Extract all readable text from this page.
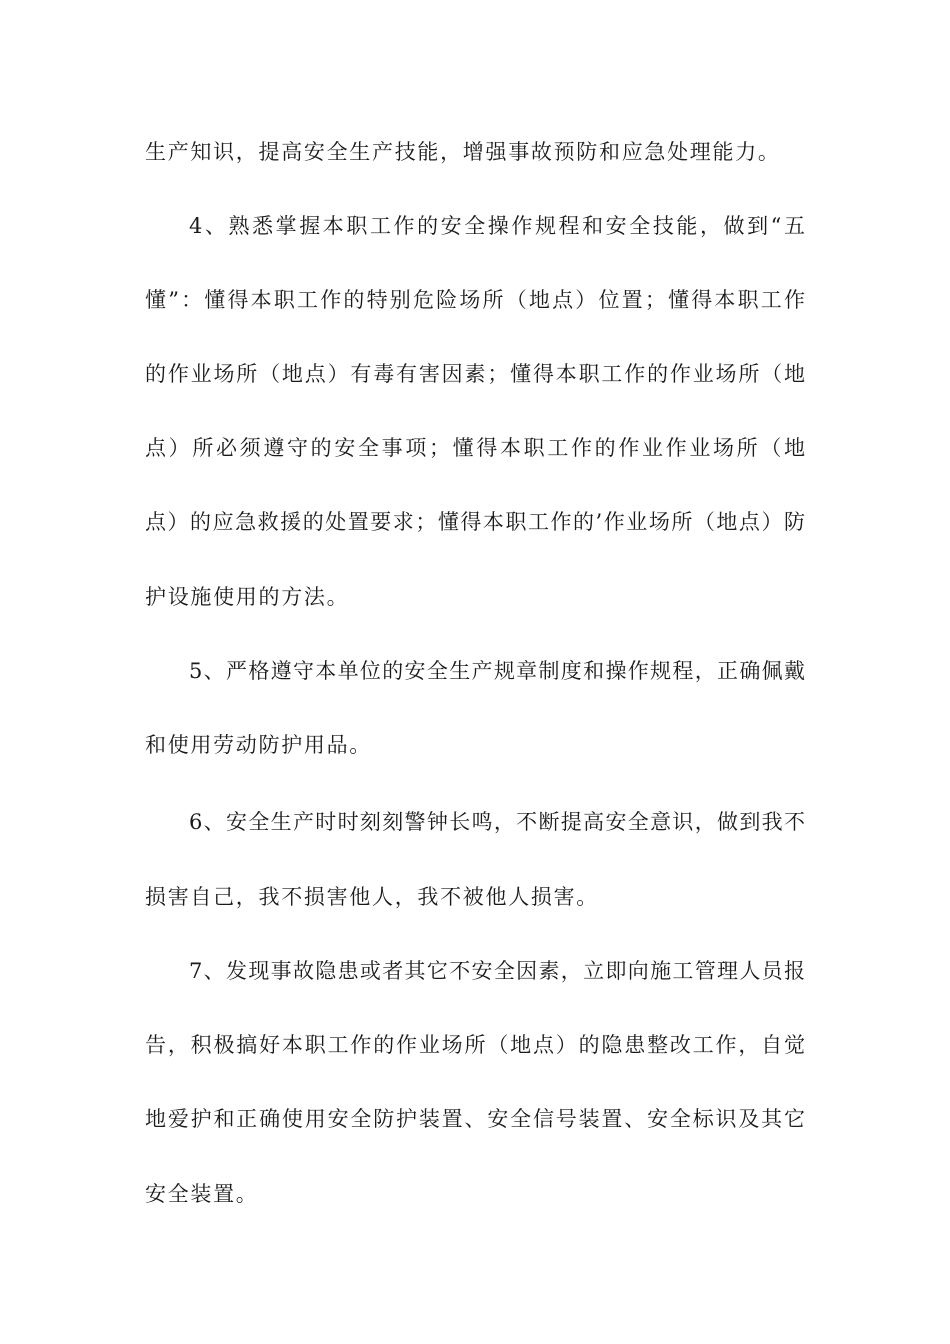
生产知识，提高安全生产技能，增强事故预防和应急处理能力。
4、熟悉掌握本职工作的安全操作规程和安全技能，做到“五
懂”：懂得本职工作的特别危险场所（地点）位置；懂得本职工作
的作业场所（地点）有毒有害因素；懂得本职工作的作业场所（地
点）所必须遵守的安全事项；懂得本职工作的作业作业场所（地
点）的应急救援的处置要求；懂得本职工作的’作业场所（地点）防
护设施使用的方法。
5、严格遵守本单位的安全生产规章制度和操作规程，正确佩戴
和使用劳动防护用品。
6、安全生产时时刻刻警钟长鸣，不断提高安全意识，做到我不
损害自己，我不损害他人，我不被他人损害。
7、发现事故隐患或者其它不安全因素，立即向施工管理人员报
告，积极搞好本职工作的作业场所（地点）的隐患整改工作，自觉
地爱护和正确使用安全防护装置、安全信号装置、安全标识及其它
安全装置。
